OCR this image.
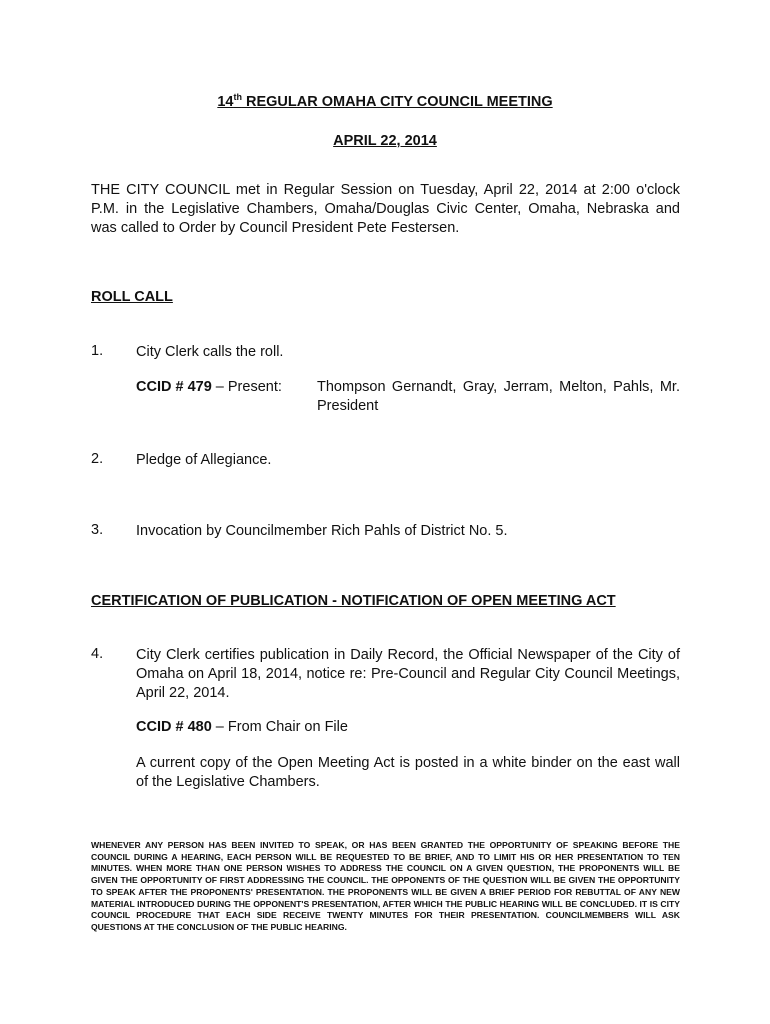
14th REGULAR OMAHA CITY COUNCIL MEETING
APRIL 22, 2014
THE CITY COUNCIL met in Regular Session on Tuesday, April 22, 2014 at 2:00 o'clock P.M. in the Legislative Chambers, Omaha/Douglas Civic Center, Omaha, Nebraska and was called to Order by Council President Pete Festersen.
ROLL CALL
1. City Clerk calls the roll.
CCID # 479 – Present:	Thompson Gernandt, Gray, Jerram, Melton, Pahls, Mr. President
2. Pledge of Allegiance.
3. Invocation by Councilmember Rich Pahls of District No. 5.
CERTIFICATION OF PUBLICATION - NOTIFICATION OF OPEN MEETING ACT
4. City Clerk certifies publication in Daily Record, the Official Newspaper of the City of Omaha on April 18, 2014, notice re: Pre-Council and Regular City Council Meetings, April 22, 2014.
CCID # 480 – From Chair on File
A current copy of the Open Meeting Act is posted in a white binder on the east wall of the Legislative Chambers.
WHENEVER ANY PERSON HAS BEEN INVITED TO SPEAK, OR HAS BEEN GRANTED THE OPPORTUNITY OF SPEAKING BEFORE THE COUNCIL DURING A HEARING, EACH PERSON WILL BE REQUESTED TO BE BRIEF, AND TO LIMIT HIS OR HER PRESENTATION TO TEN MINUTES. WHEN MORE THAN ONE PERSON WISHES TO ADDRESS THE COUNCIL ON A GIVEN QUESTION, THE PROPONENTS WILL BE GIVEN THE OPPORTUNITY OF FIRST ADDRESSING THE COUNCIL. THE OPPONENTS OF THE QUESTION WILL BE GIVEN THE OPPORTUNITY TO SPEAK AFTER THE PROPONENTS' PRESENTATION. THE PROPONENTS WILL BE GIVEN A BRIEF PERIOD FOR REBUTTAL OF ANY NEW MATERIAL INTRODUCED DURING THE OPPONENT'S PRESENTATION, AFTER WHICH THE PUBLIC HEARING WILL BE CONCLUDED. IT IS CITY COUNCIL PROCEDURE THAT EACH SIDE RECEIVE TWENTY MINUTES FOR THEIR PRESENTATION. COUNCILMEMBERS WILL ASK QUESTIONS AT THE CONCLUSION OF THE PUBLIC HEARING.
